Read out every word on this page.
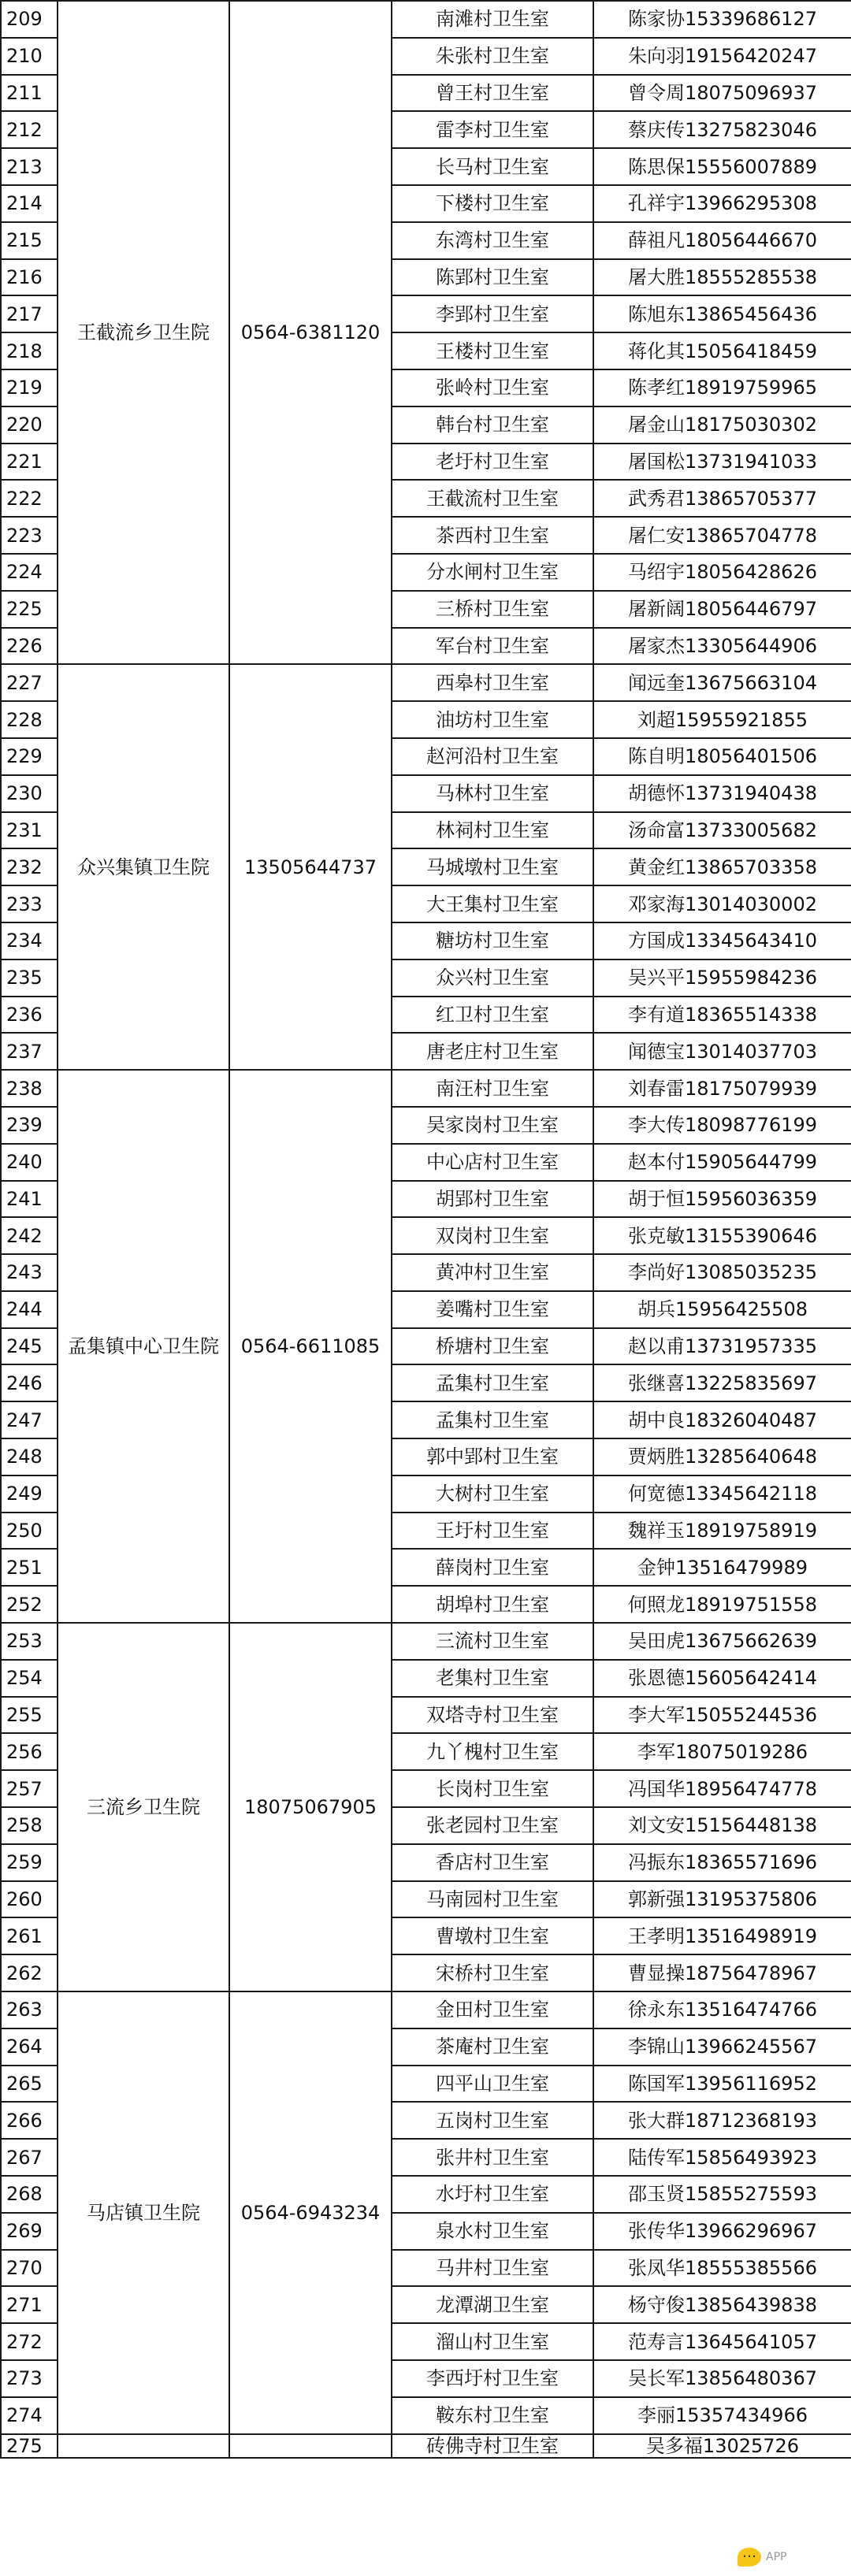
209	王截流乡卫生院	0564-6381120	南滩村卫生室	陈家协15339686127
210			朱张村卫生室	朱向羽19156420247
211			曾王村卫生室	曾令周18075096937
212			雷李村卫生室	蔡庆传13275823046
213			长马村卫生室	陈思保15556007889
214			下楼村卫生室	孔祥宇13966295308
215			东湾村卫生室	薛祖凡18056446670
216			陈郢村卫生室	屠大胜18555285538
217			李郢村卫生室	陈旭东13865456436
218			王楼村卫生室	蒋化其15056418459
219			张岭村卫生室	陈孝红18919759965
220			韩台村卫生室	屠金山18175030302
221			老圩村卫生室	屠国松13731941033
222			王截流村卫生室	武秀君13865705377
223			茶西村卫生室	屠仁安13865704778
224			分水闸村卫生室	马绍宇18056428626
225			三桥村卫生室	屠新阔18056446797
226			军台村卫生室	屠家杰13305644906
227	众兴集镇卫生院	13505644737	西皋村卫生室	闻远奎13675663104
228			油坊村卫生室	刘超15955921855
229			赵河沿村卫生室	陈自明18056401506
230			马林村卫生室	胡德怀13731940438
231			林祠村卫生室	汤命富13733005682
232			马城墩村卫生室	黄金红13865703358
233			大王集村卫生室	邓家海13014030002
234			糖坊村卫生室	方国成13345643410
235			众兴村卫生室	吴兴平15955984236
236			红卫村卫生室	李有道18365514338
237			唐老庄村卫生室	闻德宝13014037703
238	孟集镇中心卫生院	0564-6611085	南汪村卫生室	刘春雷18175079939
239			吴家岗村卫生室	李大传18098776199
240			中心店村卫生室	赵本付15905644799
241			胡郢村卫生室	胡于恒15956036359
242			双岗村卫生室	张克敏13155390646
243			黄冲村卫生室	李尚好13085035235
244			姜嘴村卫生室	胡兵15956425508
245			桥塘村卫生室	赵以甫13731957335
246			孟集村卫生室	张继喜13225835697
247			孟集村卫生室	胡中良18326040487
248			郭中郢村卫生室	贾炳胜13285640648
249			大树村卫生室	何宽德13345642118
250			王圩村卫生室	魏祥玉18919758919
251			薛岗村卫生室	金钟13516479989
252			胡埠村卫生室	何照龙18919751558
253	三流乡卫生院	18075067905	三流村卫生室	吴田虎13675662639
254			老集村卫生室	张恩德15605642414
255			双塔寺村卫生室	李大军15055244536
256			九丫槐村卫生室	李军18075019286
257			长岗村卫生室	冯国华18956474778
258			张老园村卫生室	刘文安15156448138
259			香店村卫生室	冯振东18365571696
260			马南园村卫生室	郭新强13195375806
261			曹墩村卫生室	王孝明13516498919
262			宋桥村卫生室	曹显操18756478967
263	马店镇卫生院	0564-6943234	金田村卫生室	徐永东13516474766
264			茶庵村卫生室	李锦山13966245567
265			四平山卫生室	陈国军13956116952
266			五岗村卫生室	张大群18712368193
267			张井村卫生室	陆传军15856493923
268			水圩村卫生室	邵玉贤15855275593
269			泉水村卫生室	张传华13966296967
270			马井村卫生室	张凤华18555385566
271			龙潭湖卫生室	杨守俊13856439838
272			溜山村卫生室	范寿言13645641057
273			李西圩村卫生室	吴长军13856480367
274			鞍东村卫生室	李丽15357434966
275			砖佛寺村卫生室	吴多福13025726
…
APP
